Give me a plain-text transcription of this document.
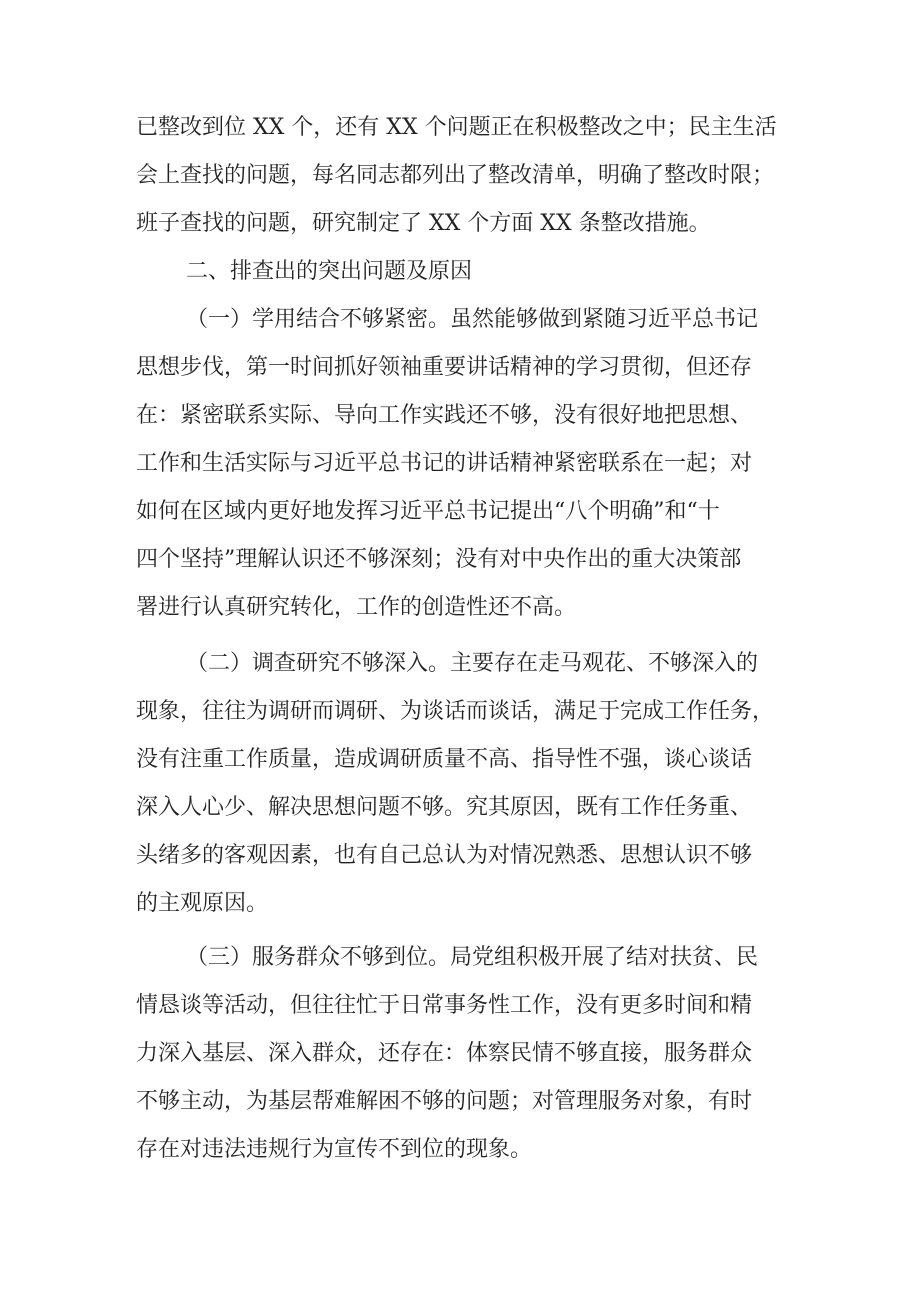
已整改到位 XX 个，还有 XX 个问题正在积极整改之中；民主生活
会上查找的问题，每名同志都列出了整改清单，明确了整改时限；
班子查找的问题，研究制定了 XX 个方面 XX 条整改措施。
二、排查出的突出问题及原因
（一）学用结合不够紧密。虽然能够做到紧随习近平总书记
思想步伐，第一时间抓好领袖重要讲话精神的学习贯彻，但还存
在：紧密联系实际、导向工作实践还不够，没有很好地把思想、
工作和生活实际与习近平总书记的讲话精神紧密联系在一起；对
如何在区域内更好地发挥习近平总书记提出“八个明确”和“十
四个坚持”理解认识还不够深刻；没有对中央作出的重大决策部
署进行认真研究转化，工作的创造性还不高。
（二）调查研究不够深入。主要存在走马观花、不够深入的
现象，往往为调研而调研、为谈话而谈话，满足于完成工作任务，
没有注重工作质量，造成调研质量不高、指导性不强，谈心谈话
深入人心少、解决思想问题不够。究其原因，既有工作任务重、
头绪多的客观因素，也有自己总认为对情况熟悉、思想认识不够
的主观原因。
（三）服务群众不够到位。局党组积极开展了结对扶贫、民
情恳谈等活动，但往往忙于日常事务性工作，没有更多时间和精
力深入基层、深入群众，还存在：体察民情不够直接，服务群众
不够主动，为基层帮难解困不够的问题；对管理服务对象，有时
存在对违法违规行为宣传不到位的现象。
